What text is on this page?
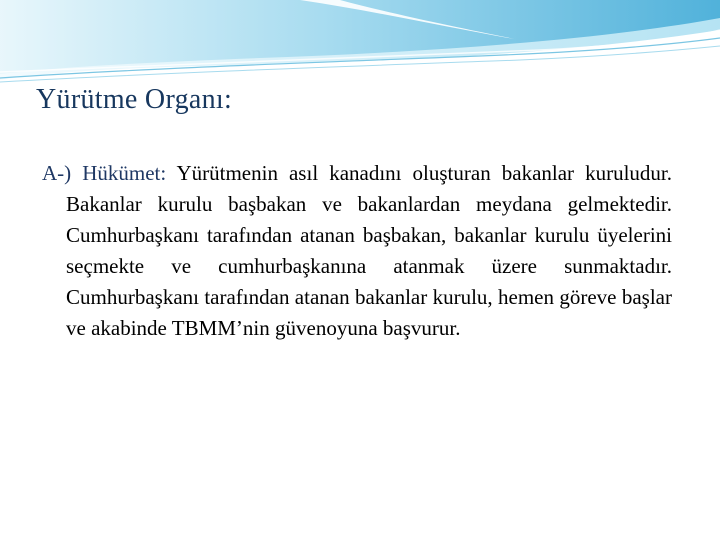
Yürütme Organı:

A-) Hükümet: Yürütmenin asıl kanadını oluşturan bakanlar kuruludur. Bakanlar kurulu başbakan ve bakanlardan meydana gelmektedir. Cumhurbaşkanı tarafından atanan başbakan, bakanlar kurulu üyelerini seçmekte ve cumhurbaşkanına atanmak üzere sunmaktadır. Cumhurbaşkanı tarafından atanan bakanlar kurulu, hemen göreve başlar ve akabinde TBMM’nin güvenoyuna başvurur.
